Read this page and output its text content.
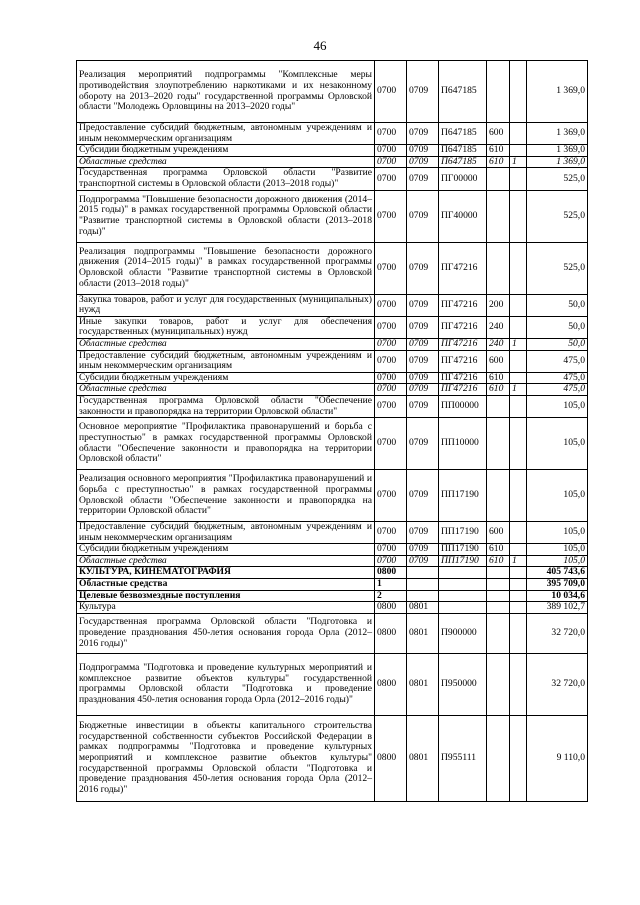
46
Реализация мероприятий подпрограммы "Комплексные меры противодействия злоупотреблению наркотиками и их незаконному обороту на 2013–2020 годы" государственной программы Орловской области "Молодежь Орловщины на 2013–2020 годы"	0700	0709	П647185			1 369,0
Предоставление субсидий бюджетным, автономным учреждениям и иным некоммерческим организациям	0700	0709	П647185	600		1 369,0
Субсидии бюджетным учреждениям	0700	0709	П647185	610		1 369,0
Областные средства	0700	0709	П647185	610	1	1 369,0
Государственная программа Орловской области "Развитие транспортной системы в Орловской области (2013–2018 годы)"	0700	0709	ПГ00000			525,0
Подпрограмма "Повышение безопасности дорожного движения (2014–2015 годы)" в рамках государственной программы Орловской области "Развитие транспортной системы в Орловской области (2013–2018 годы)"	0700	0709	ПГ40000			525,0
Реализация подпрограммы "Повышение безопасности дорожного движения (2014–2015 годы)" в рамках государственной программы Орловской области "Развитие транспортной системы в Орловской области (2013–2018 годы)"	0700	0709	ПГ47216			525,0
Закупка товаров, работ и услуг для государственных (муниципальных) нужд	0700	0709	ПГ47216	200		50,0
Иные закупки товаров, работ и услуг для обеспечения государственных (муниципальных) нужд	0700	0709	ПГ47216	240		50,0
Областные средства	0700	0709	ПГ47216	240	1	50,0
Предоставление субсидий бюджетным, автономным учреждениям и иным некоммерческим организациям	0700	0709	ПГ47216	600		475,0
Субсидии бюджетным учреждениям	0700	0709	ПГ47216	610		475,0
Областные средства	0700	0709	ПГ47216	610	1	475,0
Государственная программа Орловской области "Обеспечение законности и правопорядка на территории Орловской области"	0700	0709	ПП00000			105,0
Основное мероприятие "Профилактика правонарушений и борьба с преступностью" в рамках государственной программы Орловской области "Обеспечение законности и правопорядка на территории Орловской области"	0700	0709	ПП10000			105,0
Реализация основного мероприятия "Профилактика правонарушений и борьба с преступностью" в рамках государственной программы Орловской области "Обеспечение законности и правопорядка на территории Орловской области"	0700	0709	ПП17190			105,0
Предоставление субсидий бюджетным, автономным учреждениям и иным некоммерческим организациям	0700	0709	ПП17190	600		105,0
Субсидии бюджетным учреждениям	0700	0709	ПП17190	610		105,0
Областные средства	0700	0709	ПП17190	610	1	105,0
КУЛЬТУРА, КИНЕМАТОГРАФИЯ	0800					405 743,6
Областные средства	1					395 709,0
Целевые безвозмездные поступления	2					10 034,6
Культура	0800	0801				389 102,7
Государственная программа Орловской области "Подготовка и проведение празднования 450-летия основания города Орла (2012–2016 годы)"	0800	0801	П900000			32 720,0
Подпрограмма "Подготовка и проведение культурных мероприятий и комплексное развитие объектов культуры" государственной программы Орловской области "Подготовка и проведение празднования 450-летия основания города Орла (2012–2016 годы)"	0800	0801	П950000			32 720,0
Бюджетные инвестиции в объекты капитального строительства государственной собственности субъектов Российской Федерации в рамках подпрограммы "Подготовка и проведение культурных мероприятий и комплексное развитие объектов культуры" государственной программы Орловской области "Подготовка и проведение празднования 450-летия основания города Орла (2012–2016 годы)"	0800	0801	П955111			9 110,0
